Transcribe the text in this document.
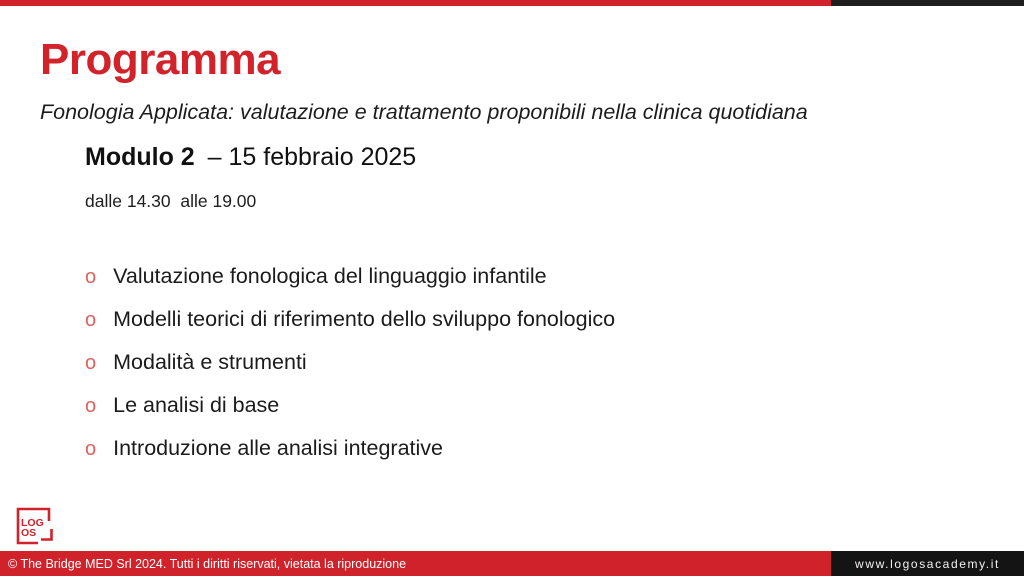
Programma

Fonologia Applicata: valutazione e trattamento proponibili nella clinica quotidiana

Modulo 2 – 15 febbraio 2025

dalle 14.30  alle 19.00

o Valutazione fonologica del linguaggio infantile
o Modelli teorici di riferimento dello sviluppo fonologico
o Modalità e strumenti
o Le analisi di base
o Introduzione alle analisi integrative
LOG
OS
© The Bridge MED Srl 2024. Tutti i diritti riservati, vietata la riproduzione	www.logosacademy.it
